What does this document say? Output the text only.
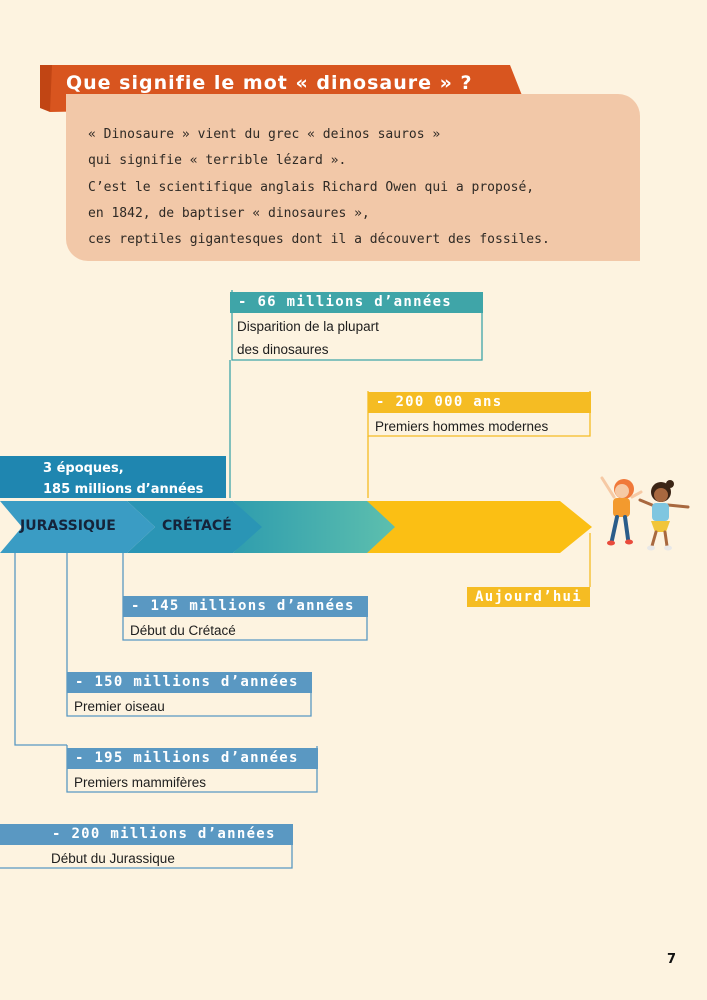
Que signifie le mot « dinosaure » ?
« Dinosaure » vient du grec « deinos sauros »
qui signifie « terrible lézard ».
C’est le scientifique anglais Richard Owen qui a proposé,
en 1842, de baptiser « dinosaures »,
ces reptiles gigantesques dont il a découvert des fossiles.
3 époques,
185 millions d’années
JURASSIQUE	CRÉTACÉ
- 66 millions d’années
Disparition de la plupart
des dinosaures
- 200 000 ans
Premiers hommes modernes
- 145 millions d’années
Début du Crétacé
- 150 millions d’années
Premier oiseau
- 195 millions d’années
Premiers mammifères
- 200 millions d’années
Début du Jurassique
Aujourd’hui
7
